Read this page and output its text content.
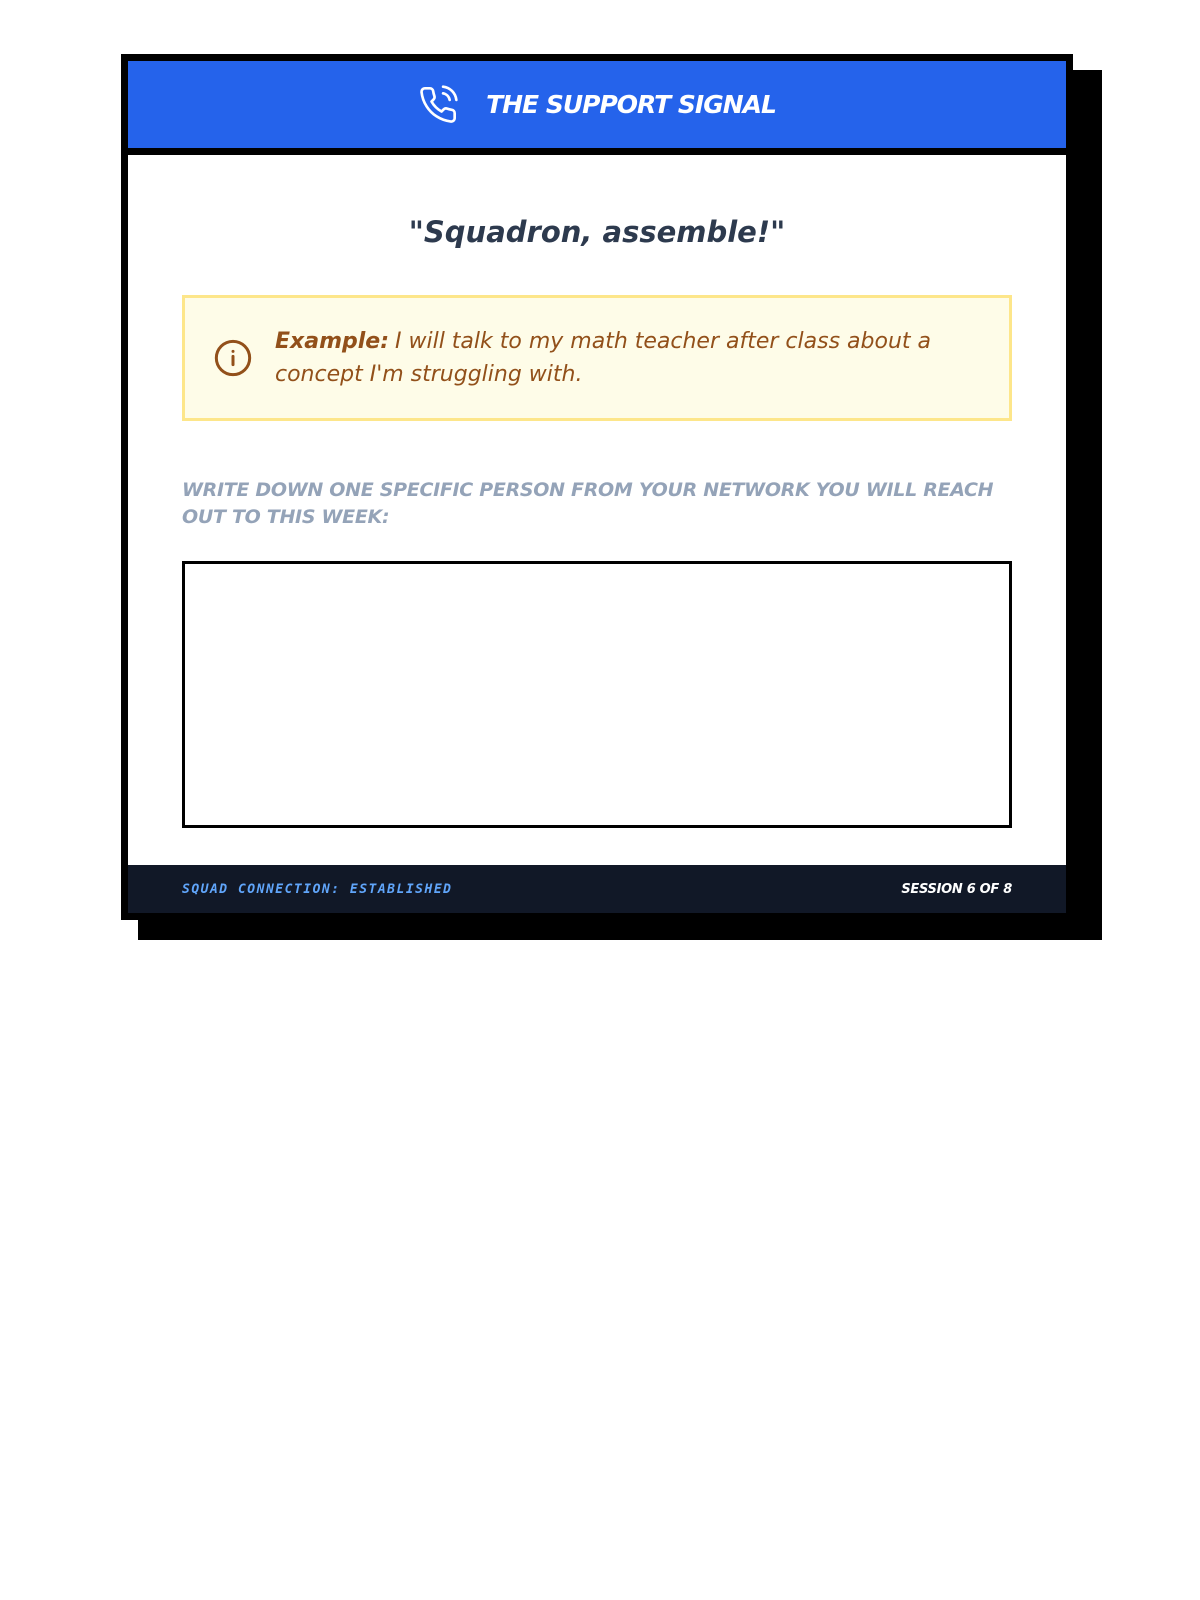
THE SUPPORT SIGNAL
"Squadron, assemble!"
Example: I will talk to my math teacher after class about a concept I'm struggling with.
WRITE DOWN ONE SPECIFIC PERSON FROM YOUR NETWORK YOU WILL REACH OUT TO THIS WEEK:
SQUAD CONNECTION: ESTABLISHED	SESSION 6 OF 8
